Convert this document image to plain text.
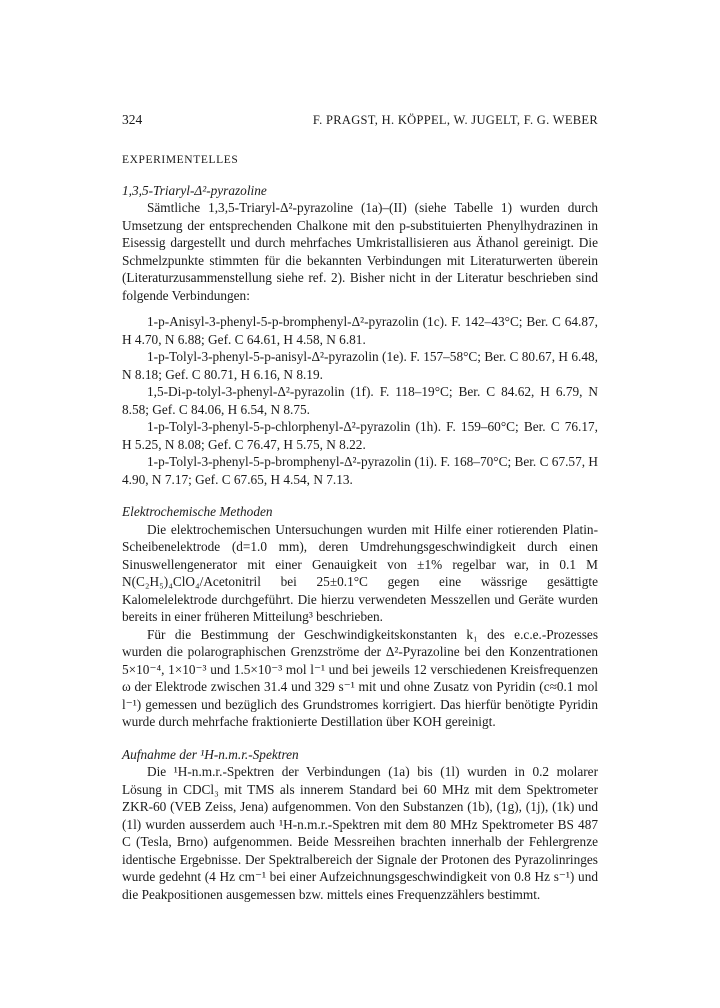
324	F. PRAGST, H. KÖPPEL, W. JUGELT, F. G. WEBER
EXPERIMENTELLES
1,3,5-Triaryl-Δ²-pyrazoline

Sämtliche 1,3,5-Triaryl-Δ²-pyrazoline (1a)–(II) (siehe Tabelle 1) wurden durch Umsetzung der entsprechenden Chalkone mit den p-substituierten Phenylhydrazinen in Eisessig dargestellt und durch mehrfaches Umkristallisieren aus Äthanol gereinigt. Die Schmelzpunkte stimmten für die bekannten Verbindungen mit Literaturwerten überein (Literaturzusammenstellung siehe ref. 2). Bisher nicht in der Literatur beschrieben sind folgende Verbindungen:

1-p-Anisyl-3-phenyl-5-p-bromphenyl-Δ²-pyrazolin (1c). F. 142–43°C; Ber. C 64.87, H 4.70, N 6.88; Gef. C 64.61, H 4.58, N 6.81.

1-p-Tolyl-3-phenyl-5-p-anisyl-Δ²-pyrazolin (1e). F. 157–58°C; Ber. C 80.67, H 6.48, N 8.18; Gef. C 80.71, H 6.16, N 8.19.

1,5-Di-p-tolyl-3-phenyl-Δ²-pyrazolin (1f). F. 118–19°C; Ber. C 84.62, H 6.79, N 8.58; Gef. C 84.06, H 6.54, N 8.75.

1-p-Tolyl-3-phenyl-5-p-chlorphenyl-Δ²-pyrazolin (1h). F. 159–60°C; Ber. C 76.17, H 5.25, N 8.08; Gef. C 76.47, H 5.75, N 8.22.

1-p-Tolyl-3-phenyl-5-p-bromphenyl-Δ²-pyrazolin (1i). F. 168–70°C; Ber. C 67.57, H 4.90, N 7.17; Gef. C 67.65, H 4.54, N 7.13.

Elektrochemische Methoden

Die elektrochemischen Untersuchungen wurden mit Hilfe einer rotierenden Platin-Scheibenelektrode (d=1.0 mm), deren Umdrehungsgeschwindigkeit durch einen Sinuswellengenerator mit einer Genauigkeit von ±1% regelbar war, in 0.1 M N(C₂H₅)₄ClO₄/Acetonitril bei 25±0.1°C gegen eine wässrige gesättigte Kalomelelektrode durchgeführt. Die hierzu verwendeten Messzellen und Geräte wurden bereits in einer früheren Mitteilung³ beschrieben.

Für die Bestimmung der Geschwindigkeitskonstanten k₁ des e.c.e.-Prozesses wurden die polarographischen Grenzströme der Δ²-Pyrazoline bei den Konzentrationen 5×10⁻⁴, 1×10⁻³ und 1.5×10⁻³ mol l⁻¹ und bei jeweils 12 verschiedenen Kreisfrequenzen ω der Elektrode zwischen 31.4 und 329 s⁻¹ mit und ohne Zusatz von Pyridin (c≈0.1 mol l⁻¹) gemessen und bezüglich des Grundstromes korrigiert. Das hierfür benötigte Pyridin wurde durch mehrfache fraktionierte Destillation über KOH gereinigt.

Aufnahme der ¹H-n.m.r.-Spektren

Die ¹H-n.m.r.-Spektren der Verbindungen (1a) bis (1l) wurden in 0.2 molarer Lösung in CDCl₃ mit TMS als innerem Standard bei 60 MHz mit dem Spektrometer ZKR-60 (VEB Zeiss, Jena) aufgenommen. Von den Substanzen (1b), (1g), (1j), (1k) und (1l) wurden ausserdem auch ¹H-n.m.r.-Spektren mit dem 80 MHz Spektrometer BS 487 C (Tesla, Brno) aufgenommen. Beide Messreihen brachten innerhalb der Fehlergrenze identische Ergebnisse. Der Spektralbereich der Signale der Protonen des Pyrazolinringes wurde gedehnt (4 Hz cm⁻¹ bei einer Aufzeichnungsgeschwindigkeit von 0.8 Hz s⁻¹) und die Peakpositionen ausgemessen bzw. mittels eines Frequenzzählers bestimmt.
